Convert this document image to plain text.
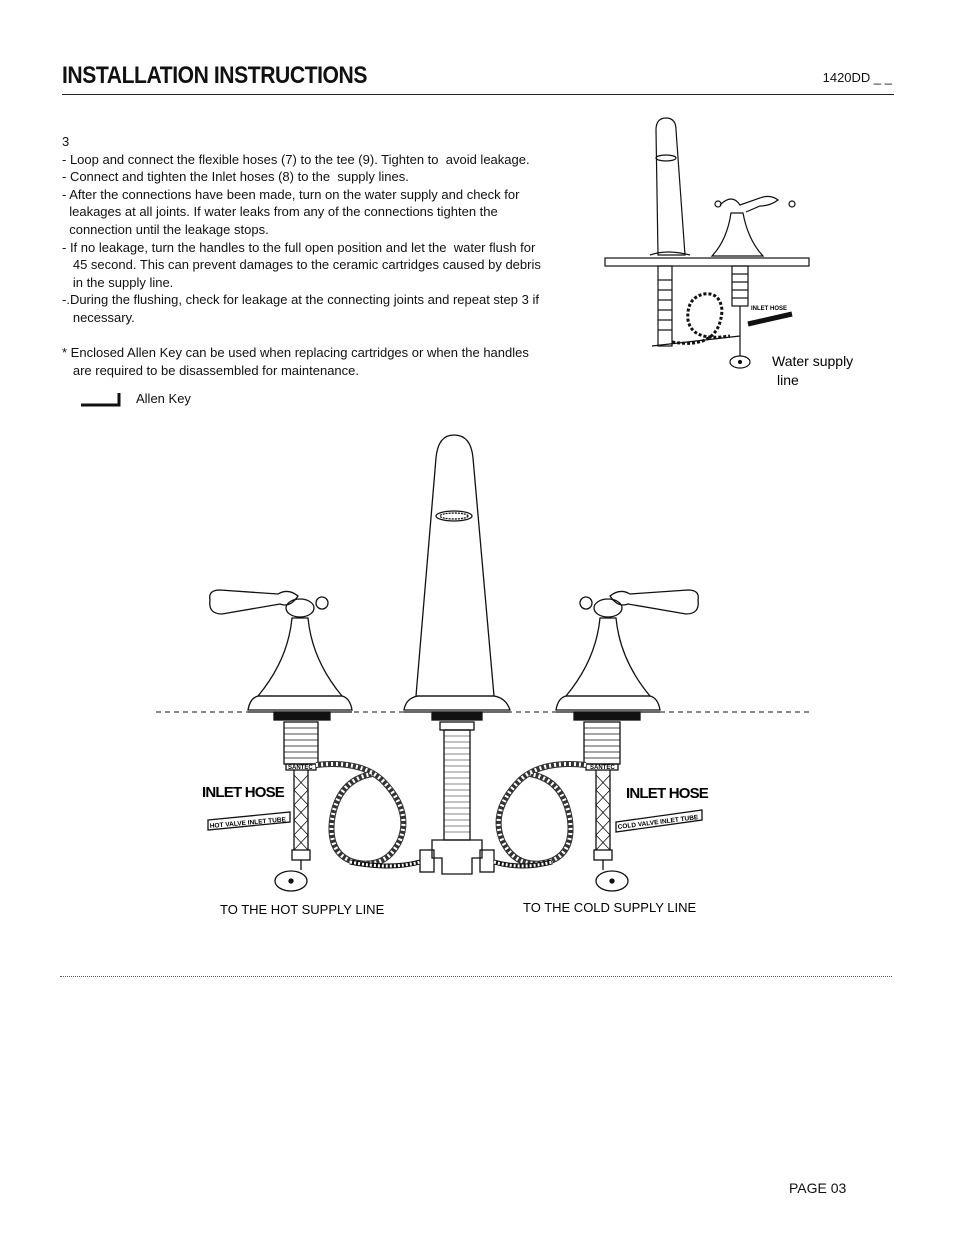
INSTALLATION INSTRUCTIONS	1420DD _ _
3
- Loop and connect the flexible hoses (7) to the tee (9). Tighten to  avoid leakage.
- Connect and tighten the Inlet hoses (8) to the  supply lines.
- After the connections have been made, turn on the water supply and check for
leakages at all joints. If water leaks from any of the connections tighten the
connection until the leakage stops.
- If no leakage, turn the handles to the full open position and let the  water flush for
45 second. This can prevent damages to the ceramic cartridges caused by debris
in the supply line.
-.During the flushing, check for leakage at the connecting joints and repeat step 3 if
necessary.

* Enclosed Allen Key can be used when replacing cartridges or when the handles
are required to be disassembled for maintenance.
Allen Key
INLET HOSE
Water supply
line
SANTEC	SANTEC
INLET HOSE	INLET HOSE
HOT VALVE INLET TUBE	COLD VALVE INLET TUBE
TO THE HOT SUPPLY LINE	TO THE COLD SUPPLY LINE
PAGE 03
